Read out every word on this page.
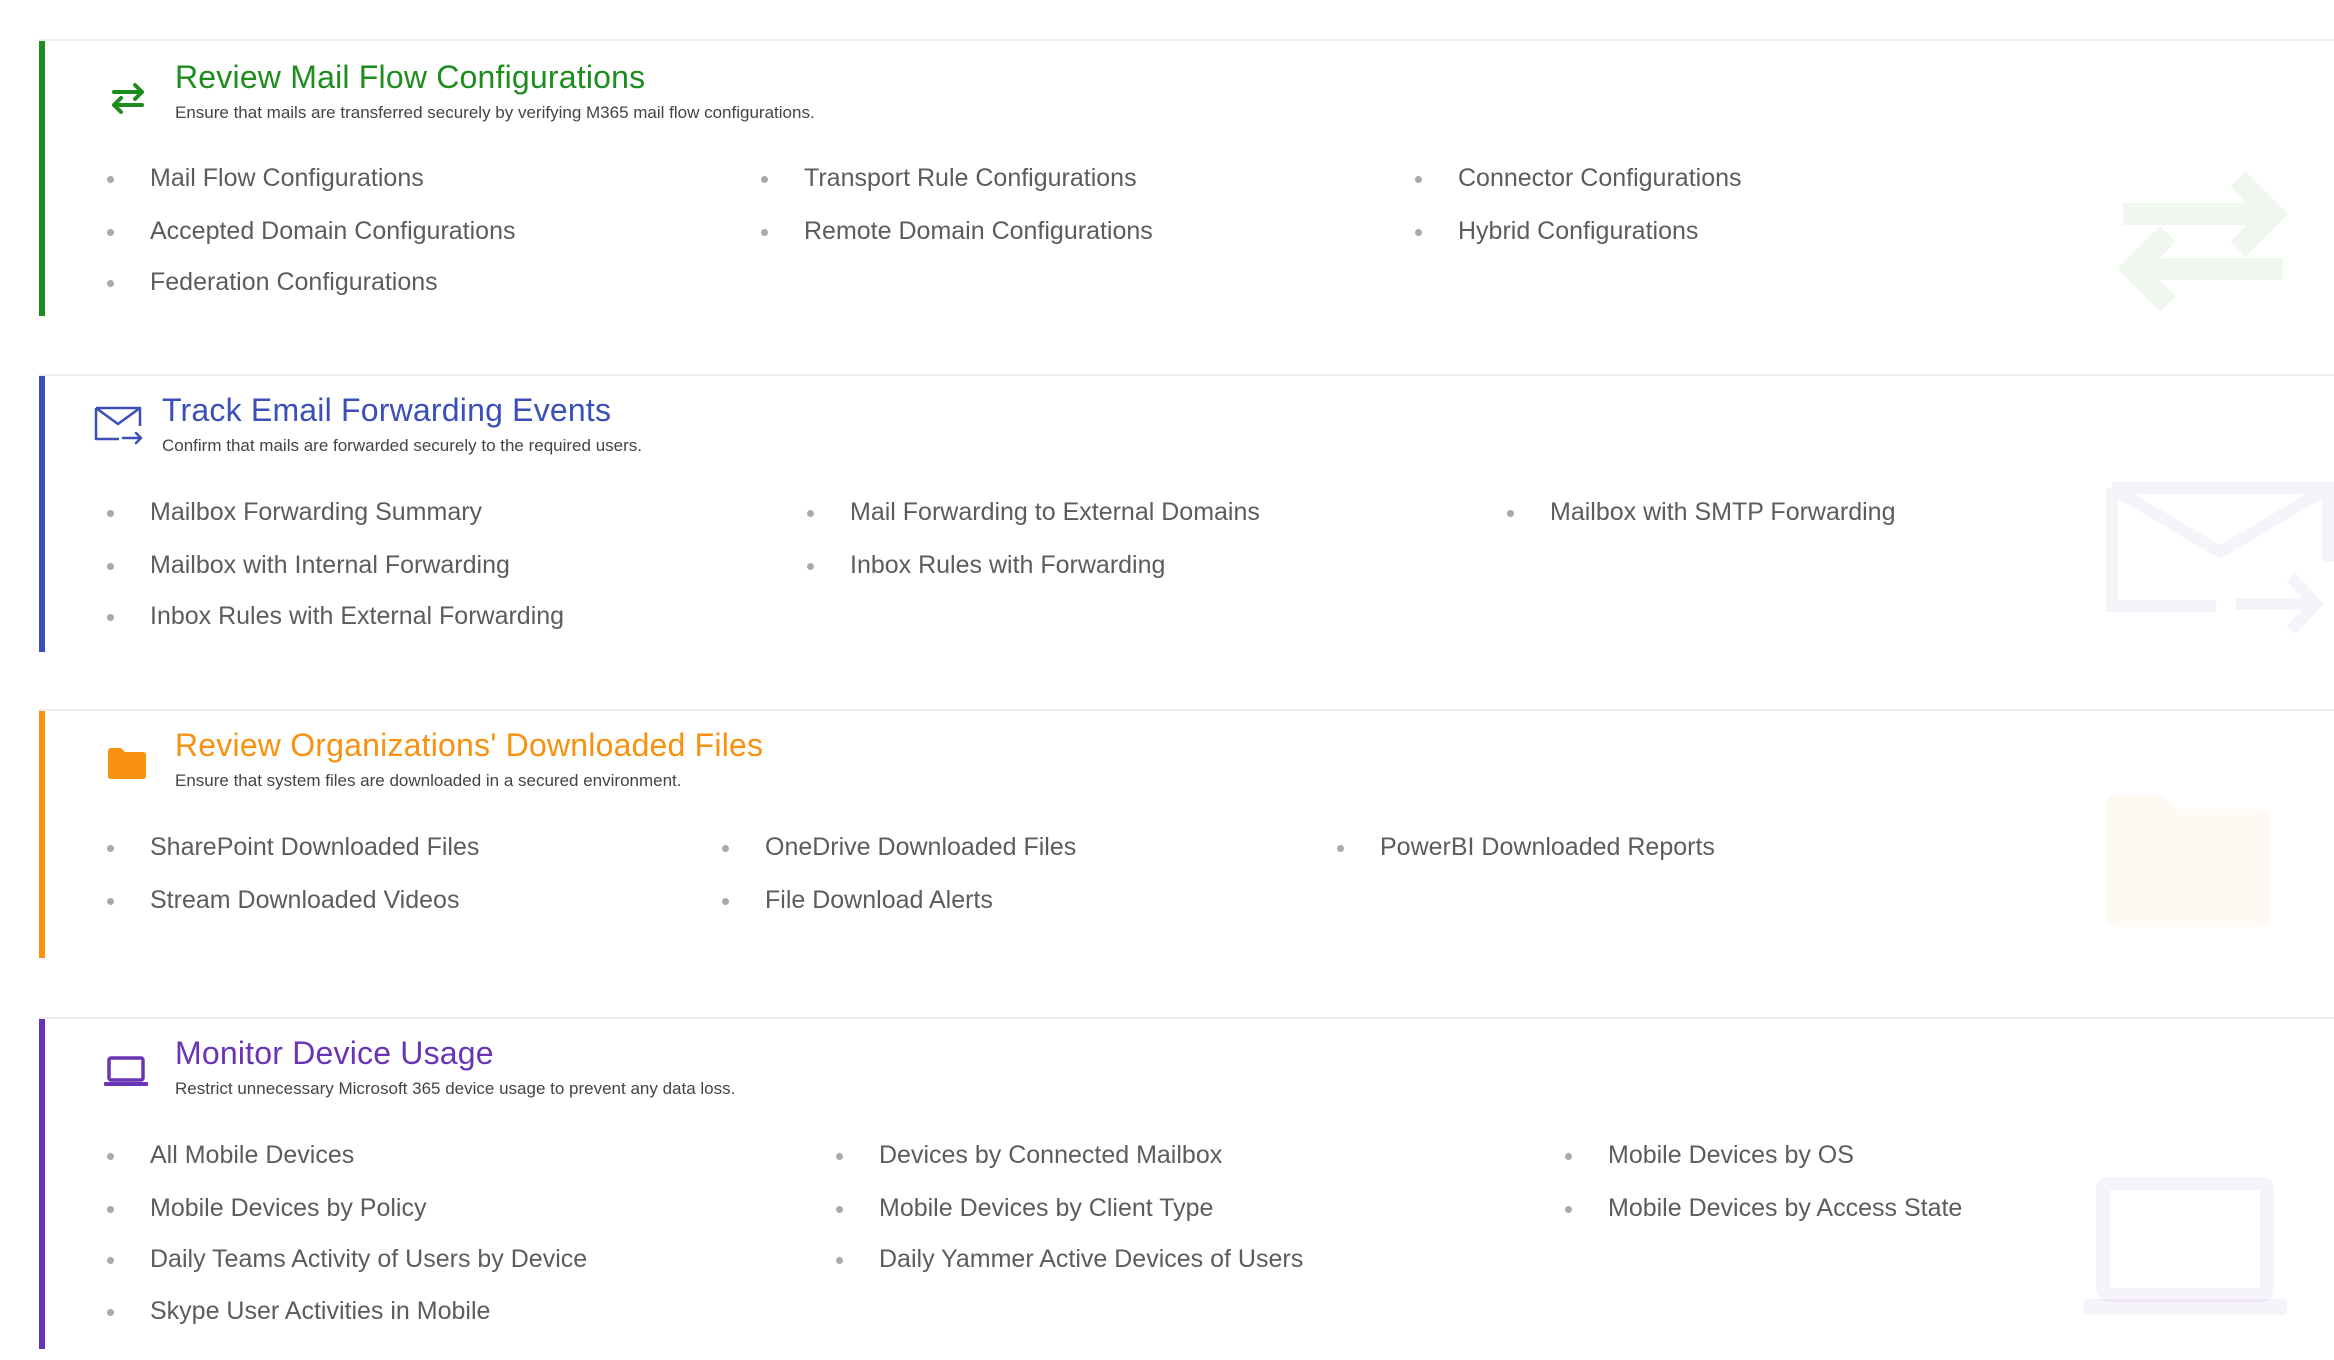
Review Mail Flow Configurations
Ensure that mails are transferred securely by verifying M365 mail flow configurations.
Mail Flow Configurations	Transport Rule Configurations	Connector Configurations
Accepted Domain Configurations	Remote Domain Configurations	Hybrid Configurations
Federation Configurations
Track Email Forwarding Events
Confirm that mails are forwarded securely to the required users.
Mailbox Forwarding Summary	Mail Forwarding to External Domains	Mailbox with SMTP Forwarding
Mailbox with Internal Forwarding	Inbox Rules with Forwarding
Inbox Rules with External Forwarding
Review Organizations' Downloaded Files
Ensure that system files are downloaded in a secured environment.
SharePoint Downloaded Files	OneDrive Downloaded Files	PowerBI Downloaded Reports
Stream Downloaded Videos	File Download Alerts
Monitor Device Usage
Restrict unnecessary Microsoft 365 device usage to prevent any data loss.
All Mobile Devices	Devices by Connected Mailbox	Mobile Devices by OS
Mobile Devices by Policy	Mobile Devices by Client Type	Mobile Devices by Access State
Daily Teams Activity of Users by Device	Daily Yammer Active Devices of Users
Skype User Activities in Mobile
